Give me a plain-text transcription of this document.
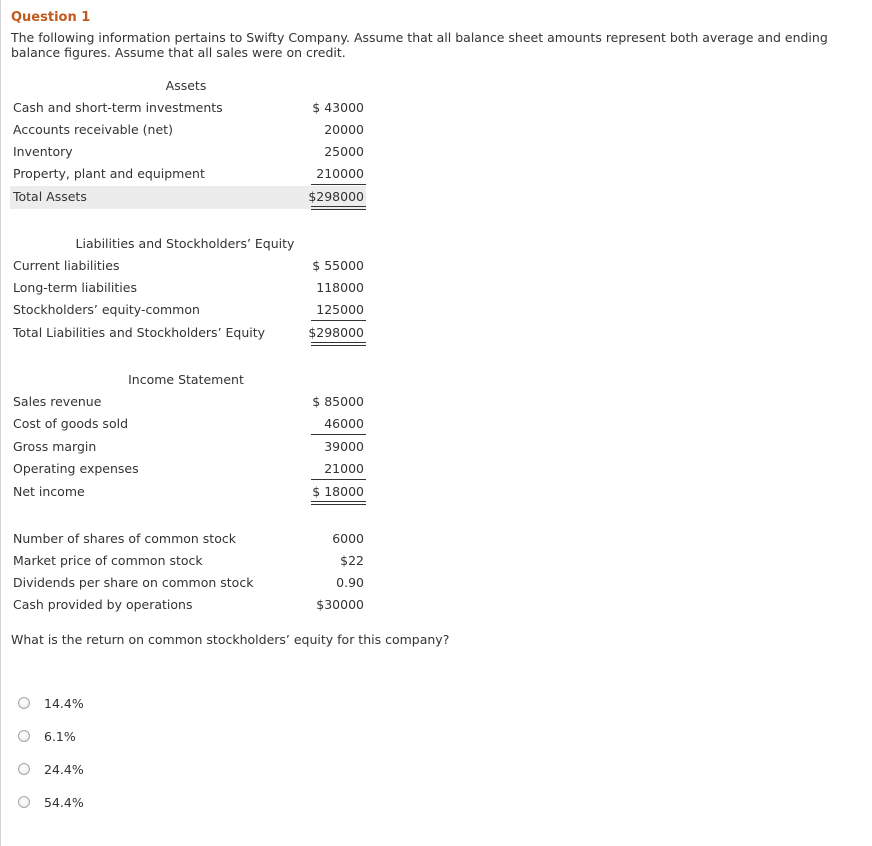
Question 1
The following information pertains to Swifty Company. Assume that all balance sheet amounts represent both average and ending balance figures. Assume that all sales were on credit.
Assets
Cash and short-term investments	$ 43000
Accounts receivable (net)	20000
Inventory	25000
Property, plant and equipment	210000
Total Assets	$298000
Liabilities and Stockholders’ Equity
Current liabilities	$ 55000
Long-term liabilities	118000
Stockholders’ equity-common	125000
Total Liabilities and Stockholders’ Equity	$298000
Income Statement
Sales revenue	$ 85000
Cost of goods sold	46000
Gross margin	39000
Operating expenses	21000
Net income	$ 18000
Number of shares of common stock	6000
Market price of common stock	$22
Dividends per share on common stock	0.90
Cash provided by operations	$30000
What is the return on common stockholders’ equity for this company?
14.4%
6.1%
24.4%
54.4%
